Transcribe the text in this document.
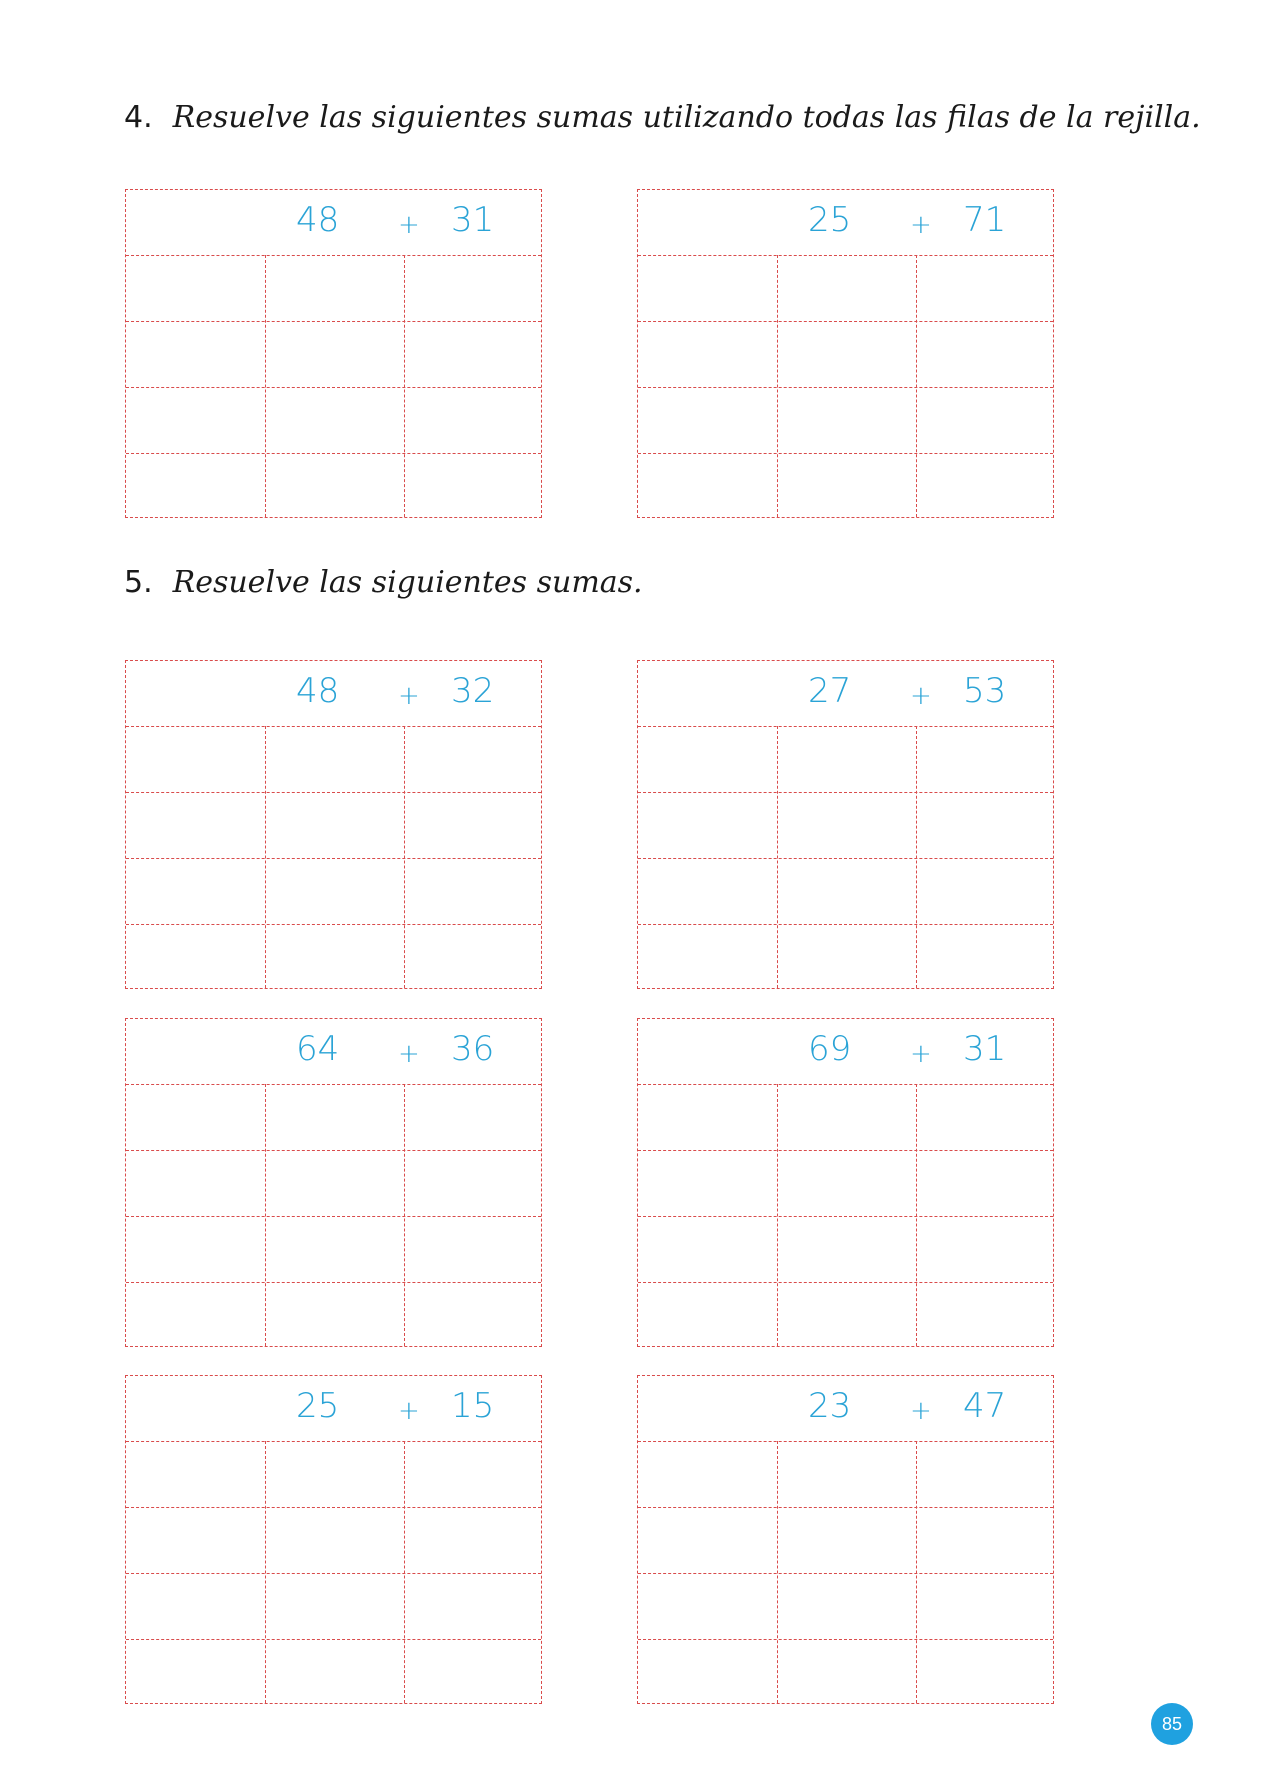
4. Resuelve las siguientes sumas utilizando todas las filas de la rejilla.
5. Resuelve las siguientes sumas.
48 + 31	25 + 71
48 + 32	27 + 53
64 + 36	69 + 31
25 + 15	23 + 47
85
